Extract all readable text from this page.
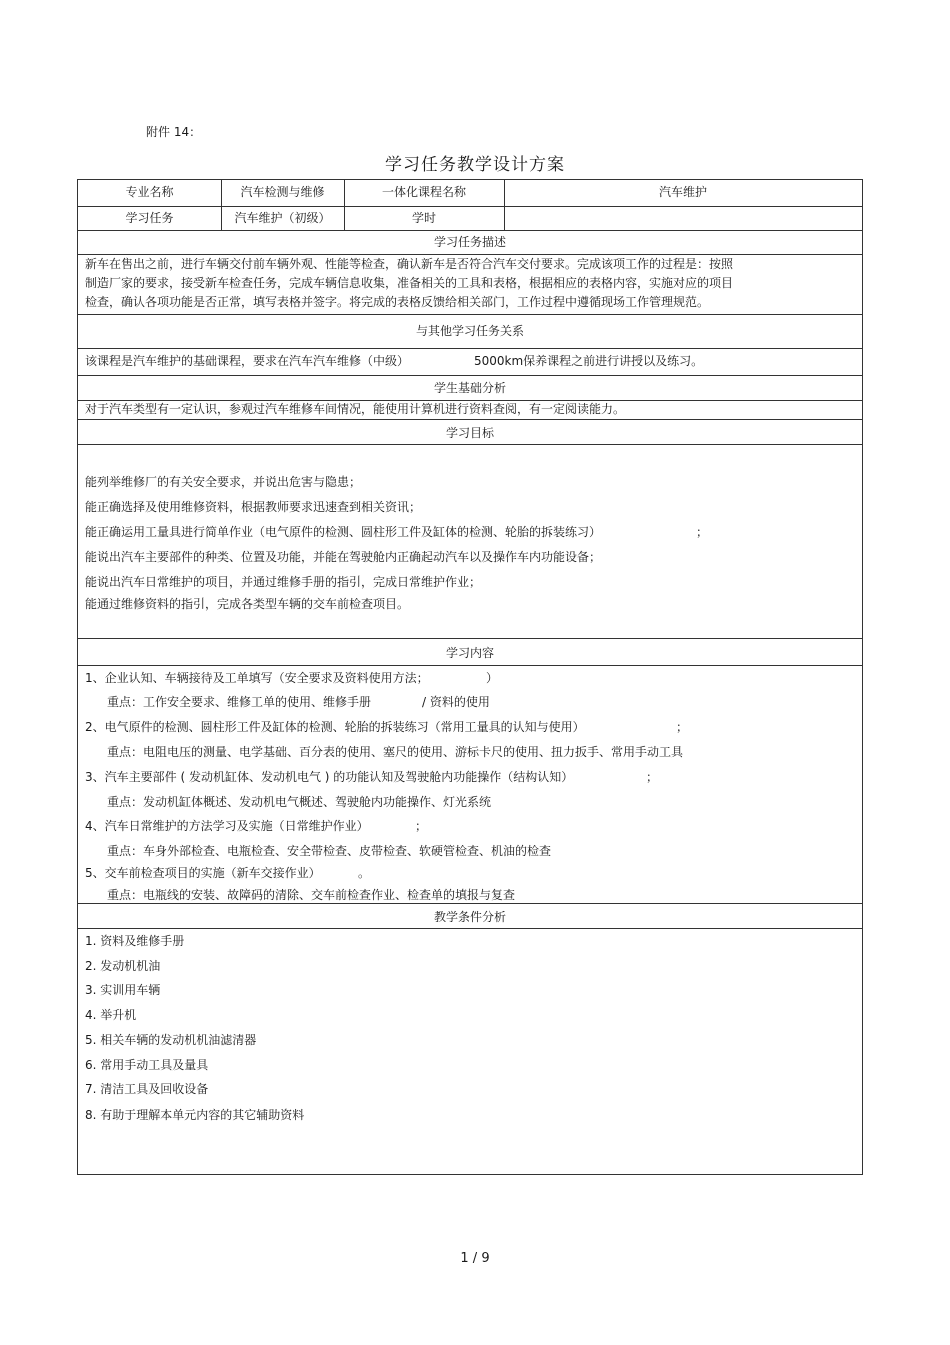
附件 14：
学习任务教学设计方案
专业名称	汽车检测与维修	一体化课程名称	汽车维护
学习任务	汽车维护（初级）	学时
学习任务描述
新车在售出之前，进行车辆交付前车辆外观、性能等检查，确认新车是否符合汽车交付要求。完成该项工作的过程是：按照
制造厂家的要求，接受新车检查任务，完成车辆信息收集，准备相关的工具和表格，根据相应的表格内容，实施对应的项目
检查，确认各项功能是否正常，填写表格并签字。将完成的表格反馈给相关部门，工作过程中遵循现场工作管理规范。
与其他学习任务关系
该课程是汽车维护的基础课程，要求在汽车汽车维修（中级）	5000km保养课程之前进行讲授以及练习。
学生基础分析
对于汽车类型有一定认识，参观过汽车维修车间情况，能使用计算机进行资料查阅，有一定阅读能力。
学习目标
能列举维修厂的有关安全要求，并说出危害与隐患；
能正确选择及使用维修资料，根据教师要求迅速查到相关资讯；
能正确运用工量具进行简单作业（电气原件的检测、圆柱形工件及缸体的检测、轮胎的拆装练习）	；
能说出汽车主要部件的种类、位置及功能，并能在驾驶舱内正确起动汽车以及操作车内功能设备；
能说出汽车日常维护的项目，并通过维修手册的指引，完成日常维护作业；
能通过维修资料的指引，完成各类型车辆的交车前检查项目。
学习内容
1、企业认知、车辆接待及工单填写（安全要求及资料使用方法；	）
重点：工作安全要求、维修工单的使用、维修手册	/ 资料的使用
2、电气原件的检测、圆柱形工件及缸体的检测、轮胎的拆装练习（常用工量具的认知与使用）	；
重点：电阻电压的测量、电学基础、百分表的使用、塞尺的使用、游标卡尺的使用、扭力扳手、常用手动工具
3、汽车主要部件 ( 发动机缸体、发动机电气 ) 的功能认知及驾驶舱内功能操作（结构认知）	；
重点：发动机缸体概述、发动机电气概述、驾驶舱内功能操作、灯光系统
4、汽车日常维护的方法学习及实施（日常维护作业）	；
重点：车身外部检查、电瓶检查、安全带检查、皮带检查、软硬管检查、机油的检查
5、交车前检查项目的实施（新车交接作业）	。
重点：电瓶线的安装、故障码的清除、交车前检查作业、检查单的填报与复查
教学条件分析
1. 资料及维修手册
2. 发动机机油
3. 实训用车辆
4. 举升机
5. 相关车辆的发动机机油滤清器
6. 常用手动工具及量具
7. 清洁工具及回收设备
8. 有助于理解本单元内容的其它辅助资料
1 / 9
